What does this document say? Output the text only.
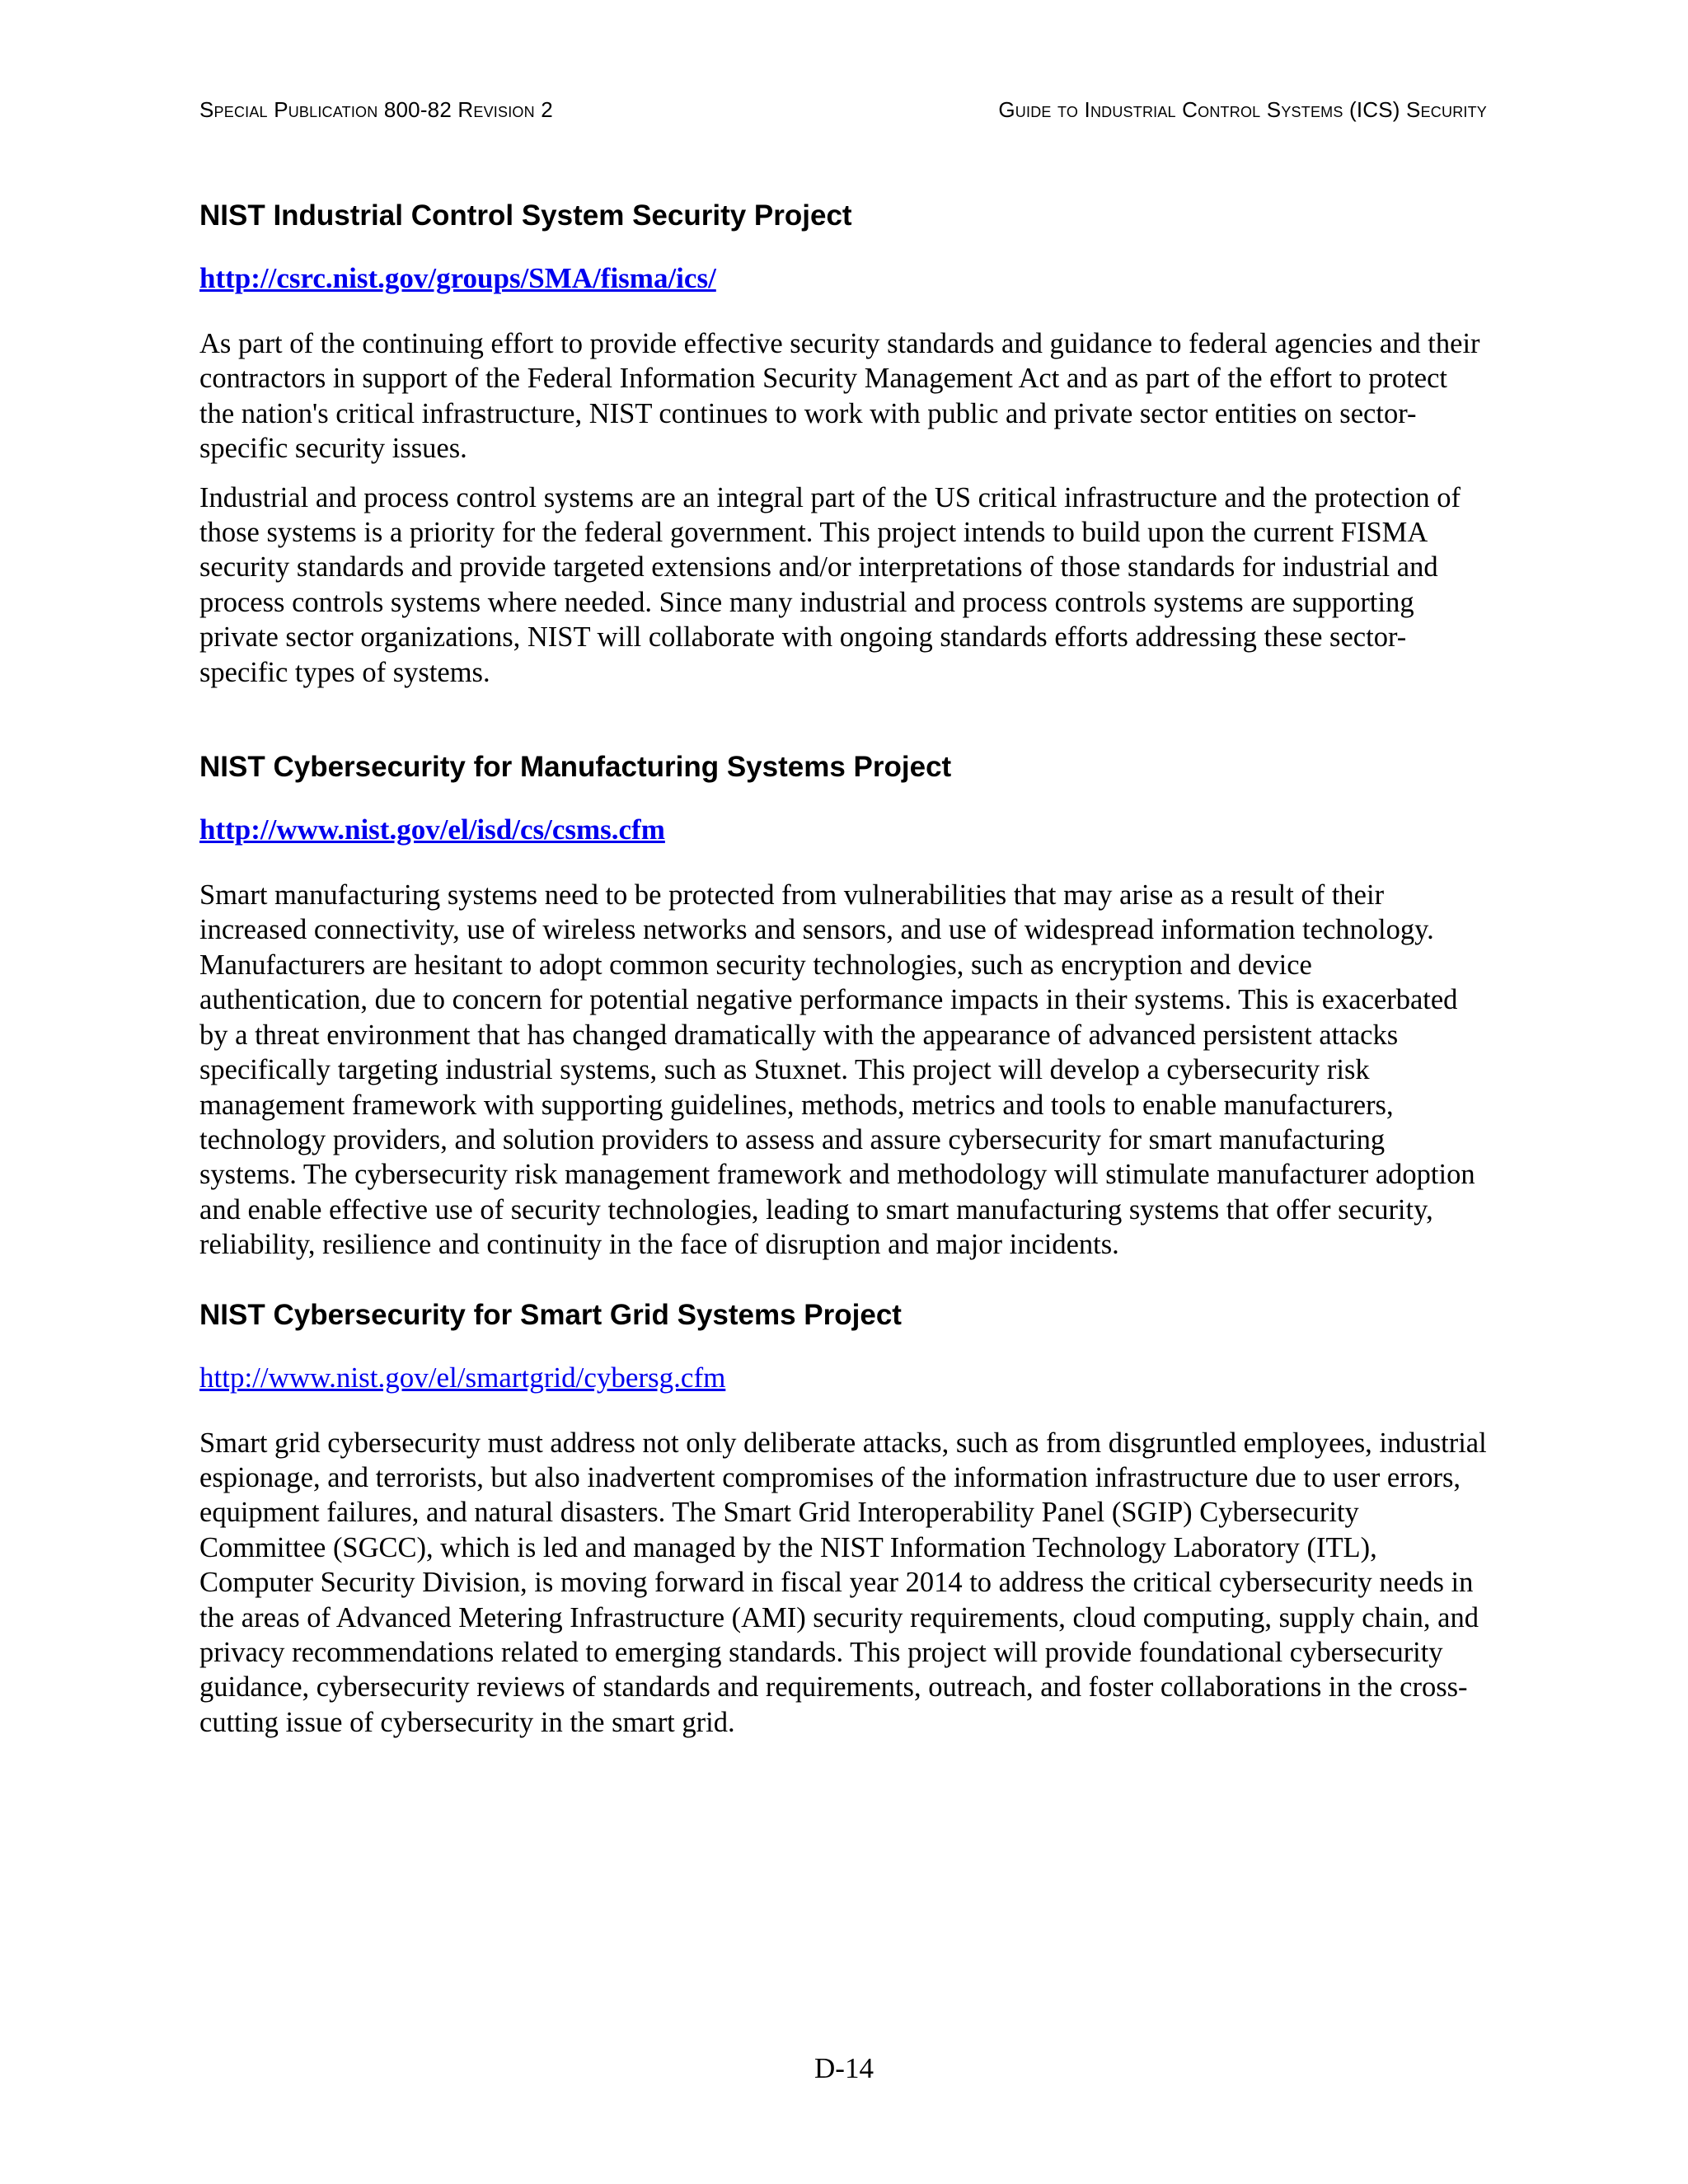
Special Publication 800-82 Revision 2	Guide to Industrial Control Systems (ICS) Security
NIST Industrial Control System Security Project
http://csrc.nist.gov/groups/SMA/fisma/ics/

As part of the continuing effort to provide effective security standards and guidance to federal agencies and their contractors in support of the Federal Information Security Management Act and as part of the effort to protect the nation's critical infrastructure, NIST continues to work with public and private sector entities on sector-specific security issues.

Industrial and process control systems are an integral part of the US critical infrastructure and the protection of those systems is a priority for the federal government. This project intends to build upon the current FISMA security standards and provide targeted extensions and/or interpretations of those standards for industrial and process controls systems where needed. Since many industrial and process controls systems are supporting private sector organizations, NIST will collaborate with ongoing standards efforts addressing these sector-specific types of systems.

NIST Cybersecurity for Manufacturing Systems Project
http://www.nist.gov/el/isd/cs/csms.cfm

Smart manufacturing systems need to be protected from vulnerabilities that may arise as a result of their increased connectivity, use of wireless networks and sensors, and use of widespread information technology. Manufacturers are hesitant to adopt common security technologies, such as encryption and device authentication, due to concern for potential negative performance impacts in their systems. This is exacerbated by a threat environment that has changed dramatically with the appearance of advanced persistent attacks specifically targeting industrial systems, such as Stuxnet. This project will develop a cybersecurity risk management framework with supporting guidelines, methods, metrics and tools to enable manufacturers, technology providers, and solution providers to assess and assure cybersecurity for smart manufacturing systems. The cybersecurity risk management framework and methodology will stimulate manufacturer adoption and enable effective use of security technologies, leading to smart manufacturing systems that offer security, reliability, resilience and continuity in the face of disruption and major incidents.

NIST Cybersecurity for Smart Grid Systems Project
http://www.nist.gov/el/smartgrid/cybersg.cfm

Smart grid cybersecurity must address not only deliberate attacks, such as from disgruntled employees, industrial espionage, and terrorists, but also inadvertent compromises of the information infrastructure due to user errors, equipment failures, and natural disasters. The Smart Grid Interoperability Panel (SGIP) Cybersecurity Committee (SGCC), which is led and managed by the NIST Information Technology Laboratory (ITL), Computer Security Division, is moving forward in fiscal year 2014 to address the critical cybersecurity needs in the areas of Advanced Metering Infrastructure (AMI) security requirements, cloud computing, supply chain, and privacy recommendations related to emerging standards. This project will provide foundational cybersecurity guidance, cybersecurity reviews of standards and requirements, outreach, and foster collaborations in the cross-cutting issue of cybersecurity in the smart grid.

D-14
